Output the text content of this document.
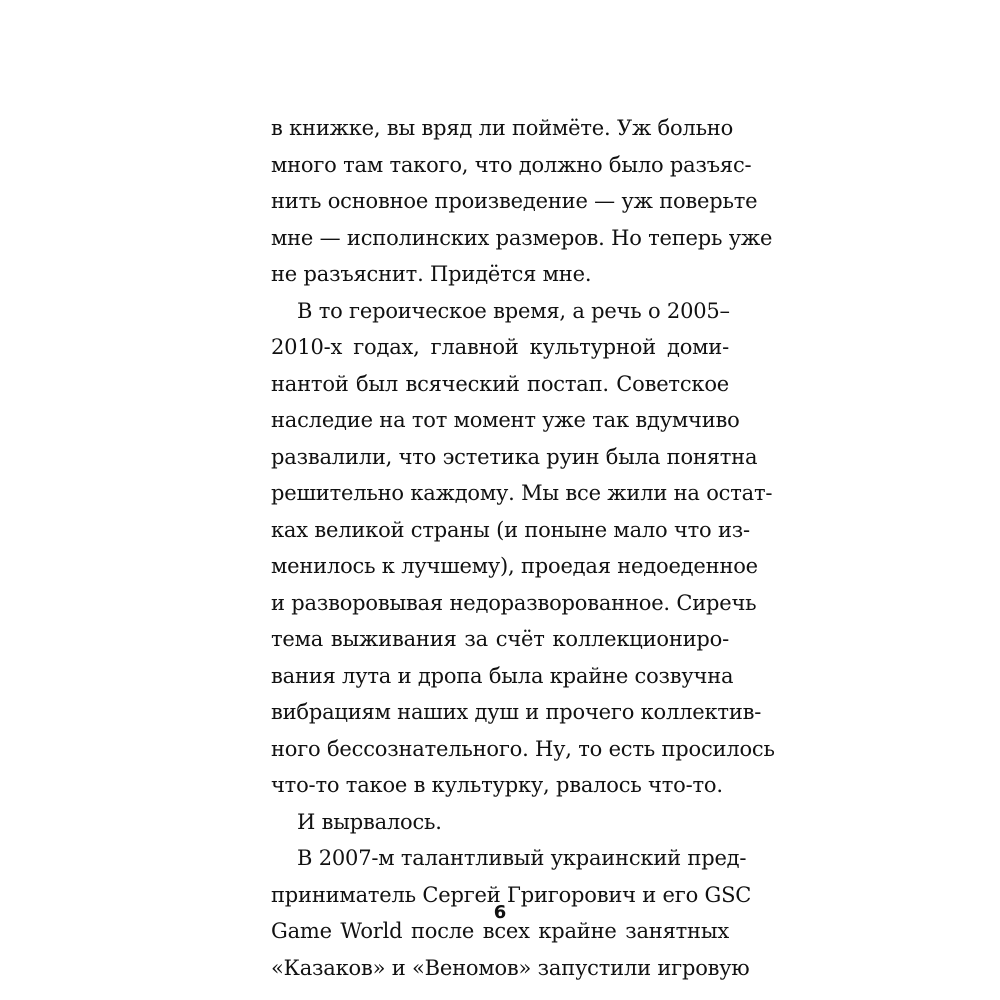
в книжке, вы вряд ли поймёте. Уж больно
много там такого, что должно было разъяс-
нить основное произведение — уж поверьте
мне — исполинских размеров. Но теперь уже
не разъяснит. Придётся мне.
В то героическое время, а речь о 2005–
2010-х годах, главной культурной доми-
нантой был всяческий постап. Советское
наследие на тот момент уже так вдумчиво
развалили, что эстетика руин была понятна
решительно каждому. Мы все жили на остат-
ках великой страны (и поныне мало что из-
менилось к лучшему), проедая недоеденное
и разворовывая недоразворованное. Сиречь
тема выживания за счёт коллекциониро-
вания лута и дропа была крайне созвучна
вибрациям наших душ и прочего коллектив-
ного бессознательного. Ну, то есть просилось
что-то такое в культурку, рвалось что-то.
И вырвалось.
В 2007-м талантливый украинский пред-
приниматель Сергей Григорович и его GSC
Game World после всех крайне занятных
«Казаков» и «Веномов» запустили игровую
6
